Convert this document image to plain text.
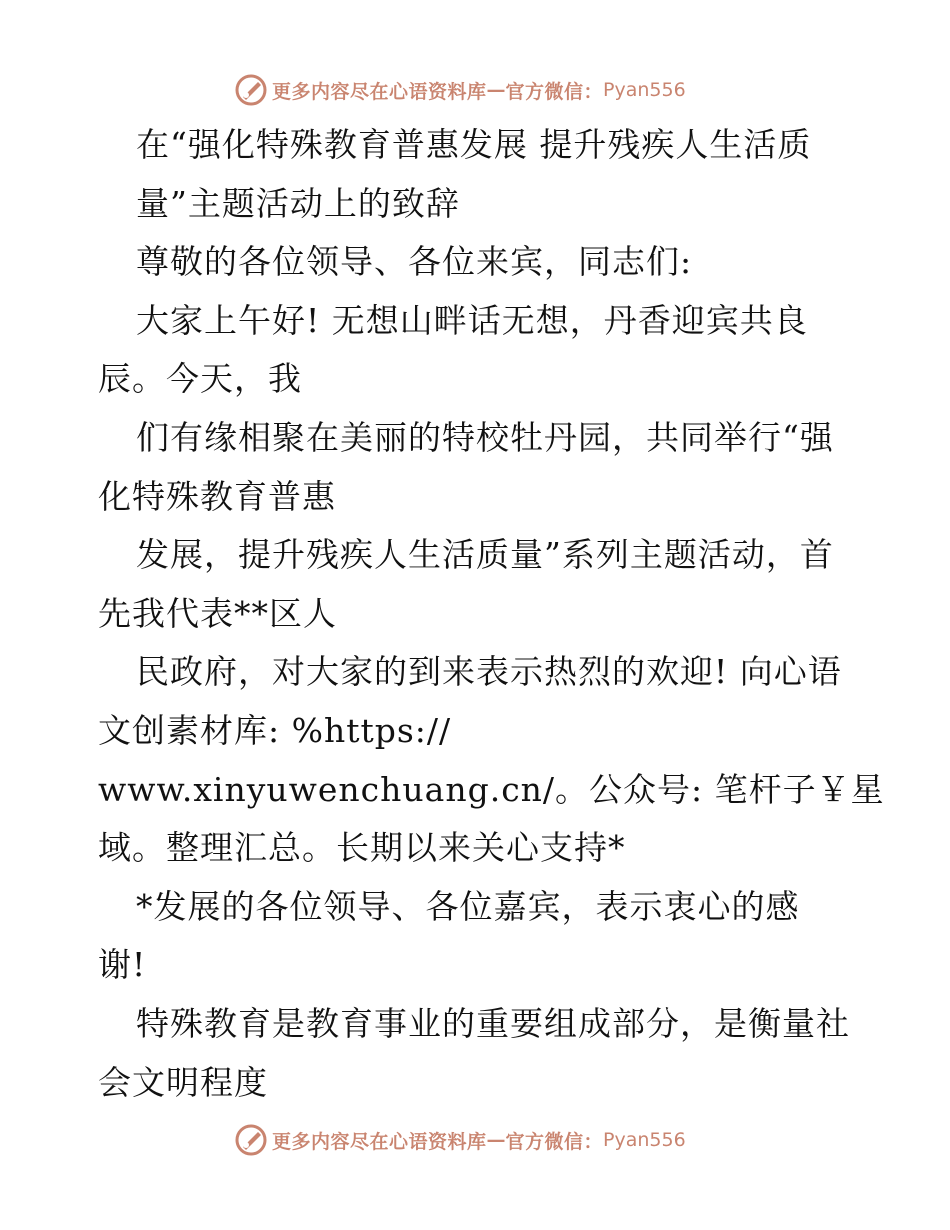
更多内容尽在心语资料库 — 官方微信： Pyan556
在“强化特殊教育普惠发展 提升残疾人生活质
量”主题活动上的致辞
尊敬的各位领导、各位来宾，同志们:
大家上午好! 无想山畔话无想，丹香迎宾共良
辰。今天，我
们有缘相聚在美丽的特校牡丹园，共同举行“强
化特殊教育普惠
发展，提升残疾人生活质量”系列主题活动，首
先我代表**区人
民政府，对大家的到来表示热烈的欢迎! 向心语
文创素材库: %https://
www.xinyuwenchuang.cn/。公众号: 笔杆子￥星
域。整理汇总。长期以来关心支持*
*发展的各位领导、各位嘉宾，表示衷心的感
谢!
特殊教育是教育事业的重要组成部分，是衡量社
会文明程度
更多内容尽在心语资料库 — 官方微信： Pyan556
